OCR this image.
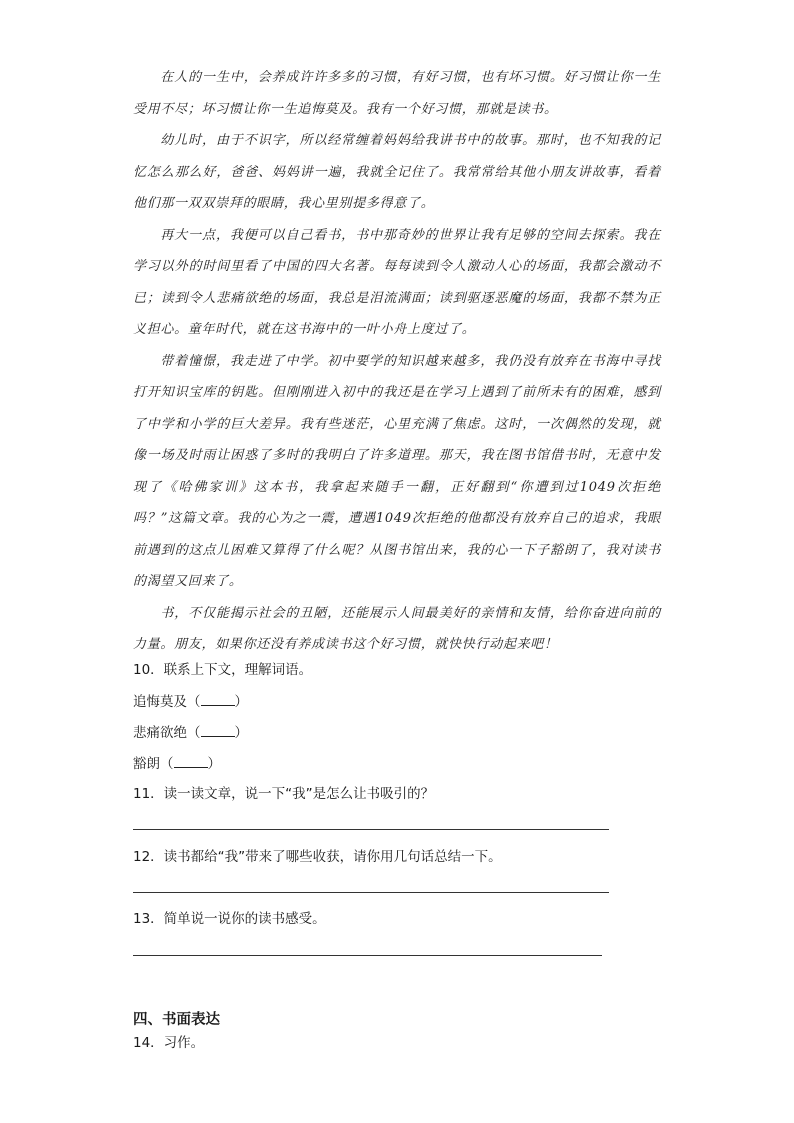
在人的一生中，会养成许许多多的习惯，有好习惯，也有坏习惯。好习惯让你一生受用不尽；坏习惯让你一生追悔莫及。我有一个好习惯，那就是读书。

幼儿时，由于不识字，所以经常缠着妈妈给我讲书中的故事。那时，也不知我的记忆怎么那么好，爸爸、妈妈讲一遍，我就全记住了。我常常给其他小朋友讲故事，看着他们那一双双崇拜的眼睛，我心里别提多得意了。

再大一点，我便可以自己看书，书中那奇妙的世界让我有足够的空间去探索。我在学习以外的时间里看了中国的四大名著。每每读到令人激动人心的场面，我都会激动不已；读到令人悲痛欲绝的场面，我总是泪流满面；读到驱逐恶魔的场面，我都不禁为正义担心。童年时代，就在这书海中的一叶小舟上度过了。

带着憧憬，我走进了中学。初中要学的知识越来越多，我仍没有放弃在书海中寻找打开知识宝库的钥匙。但刚刚进入初中的我还是在学习上遇到了前所未有的困难，感到了中学和小学的巨大差异。我有些迷茫，心里充满了焦虑。这时，一次偶然的发现，就像一场及时雨让困惑了多时的我明白了许多道理。那天，我在图书馆借书时，无意中发现了《哈佛家训》这本书，我拿起来随手一翻，正好翻到“你遭到过1049次拒绝吗？”这篇文章。我的心为之一震，遭遇1049次拒绝的他都没有放弃自己的追求，我眼前遇到的这点儿困难又算得了什么呢？从图书馆出来，我的心一下子豁朗了，我对读书的渴望又回来了。

书，不仅能揭示社会的丑陋，还能展示人间最美好的亲情和友情，给你奋进向前的力量。朋友，如果你还没有养成读书这个好习惯，就快快行动起来吧！

10．联系上下文，理解词语。

追悔莫及（	）
悲痛欲绝（	）
豁朗（	）

11．读一读文章，说一下“我”是怎么让书吸引的？

12．读书都给“我”带来了哪些收获，请你用几句话总结一下。

13．简单说一说你的读书感受。

四、书面表达

14．习作。
